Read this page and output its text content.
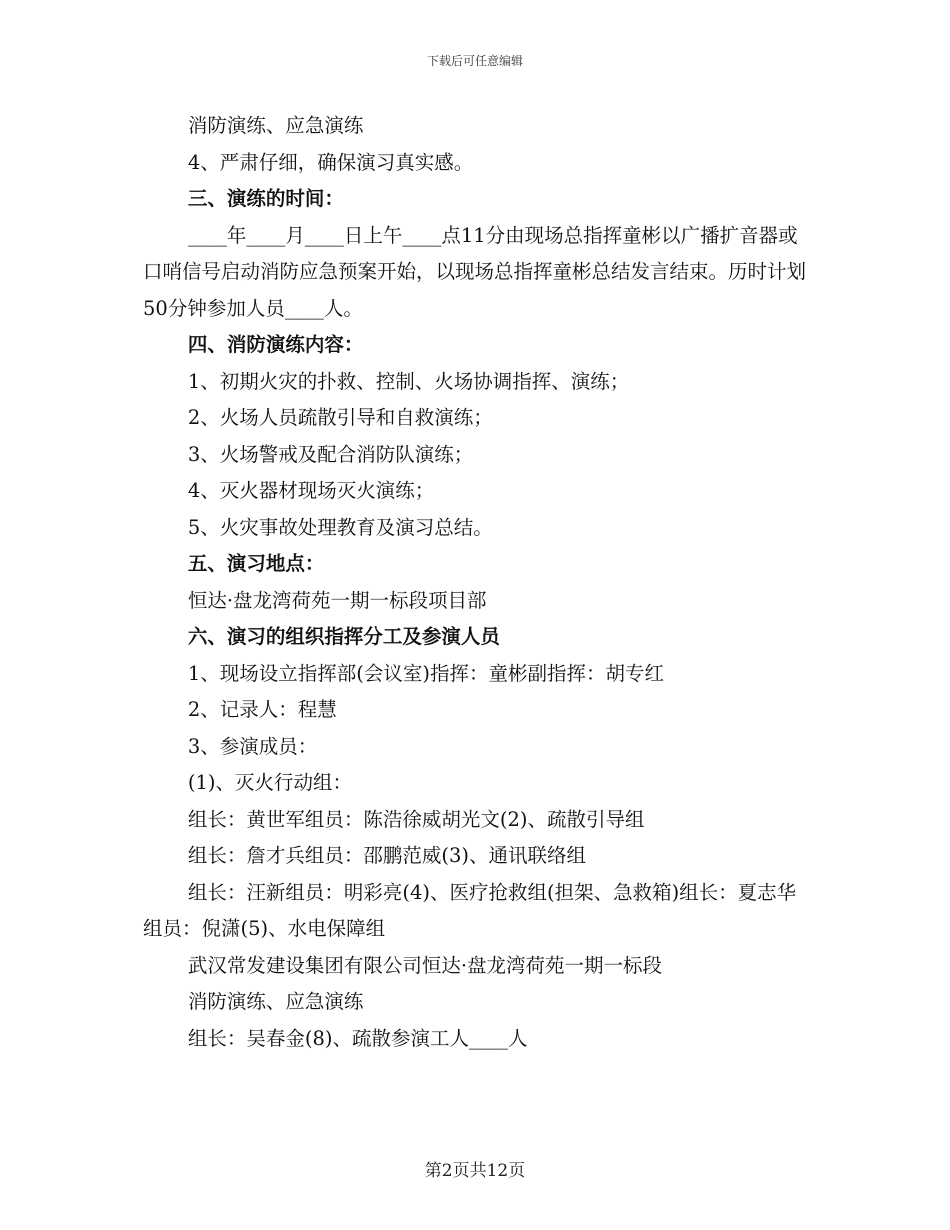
下载后可任意编辑

消防演练、应急演练

4、严肃仔细，确保演习真实感。

三、演练的时间：

____年____月____日上午____点11分由现场总指挥童彬以广播扩音器或口哨信号启动消防应急预案开始，以现场总指挥童彬总结发言结束。历时计划50分钟参加人员____人。

四、消防演练内容：

1、初期火灾的扑救、控制、火场协调指挥、演练；

2、火场人员疏散引导和自救演练；

3、火场警戒及配合消防队演练；

4、灭火器材现场灭火演练；

5、火灾事故处理教育及演习总结。

五、演习地点：

恒达·盘龙湾荷苑一期一标段项目部

六、演习的组织指挥分工及参演人员

1、现场设立指挥部(会议室)指挥：童彬副指挥：胡专红

2、记录人：程慧

3、参演成员：

(1)、灭火行动组：

组长：黄世军组员：陈浩徐威胡光文(2)、疏散引导组

组长：詹才兵组员：邵鹏范威(3)、通讯联络组

组长：汪新组员：明彩亮(4)、医疗抢救组(担架、急救箱)组长：夏志华组员：倪潇(5)、水电保障组

武汉常发建设集团有限公司恒达·盘龙湾荷苑一期一标段

消防演练、应急演练

组长：吴春金(8)、疏散参演工人____人

第2页共12页
